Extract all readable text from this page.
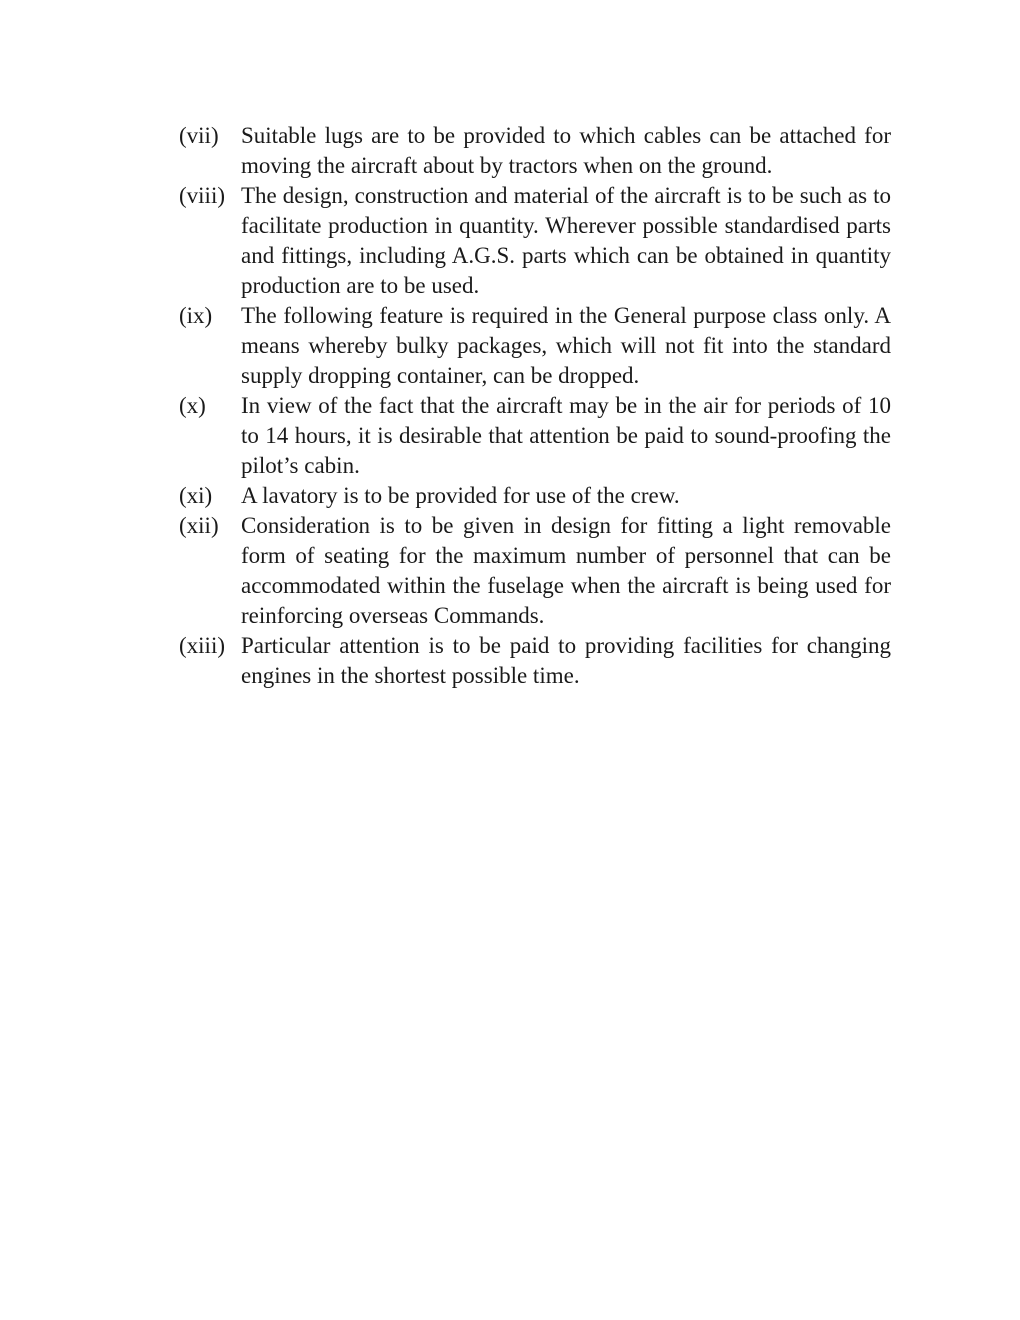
(vii) Suitable lugs are to be provided to which cables can be attached for moving the aircraft about by tractors when on the ground.
(viii) The design, construction and material of the aircraft is to be such as to facilitate production in quantity. Wherever possible standardised parts and fittings, including A.G.S. parts which can be obtained in quantity production are to be used.
(ix) The following feature is required in the General purpose class only. A means whereby bulky packages, which will not fit into the standard supply dropping container, can be dropped.
(x) In view of the fact that the aircraft may be in the air for periods of 10 to 14 hours, it is desirable that attention be paid to sound-proofing the pilot’s cabin.
(xi) A lavatory is to be provided for use of the crew.
(xii) Consideration is to be given in design for fitting a light removable form of seating for the maximum number of personnel that can be accommodated within the fuselage when the aircraft is being used for reinforcing overseas Commands.
(xiii) Particular attention is to be paid to providing facilities for changing engines in the shortest possible time.
